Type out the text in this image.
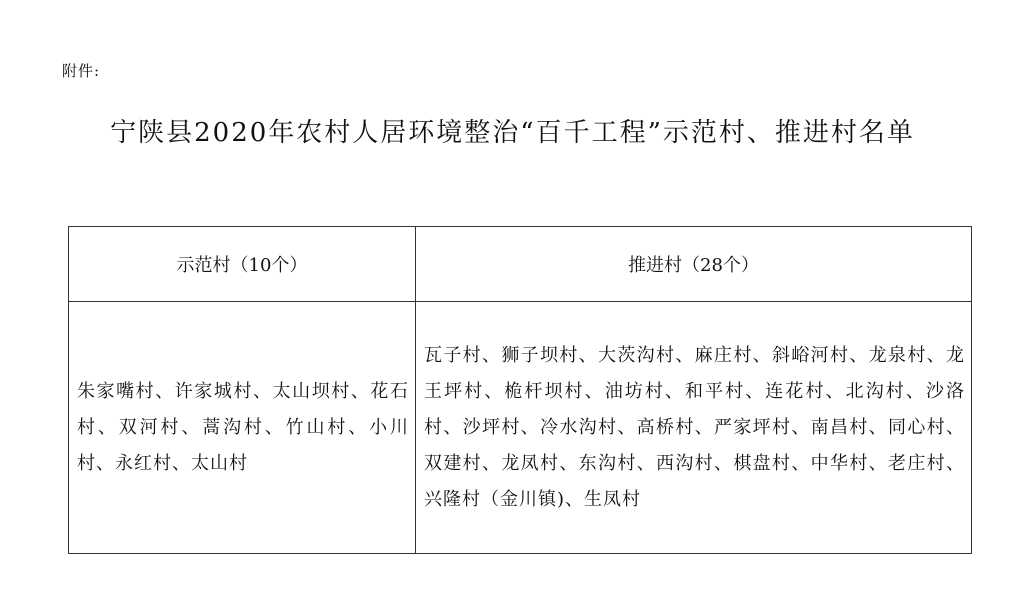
附件:
宁陕县2020年农村人居环境整治“百千工程”示范村、推进村名单
示范村（10个）	推进村（28个）
朱家嘴村、许家城村、太山坝村、花石村、双河村、蒿沟村、竹山村、小川村、永红村、太山村	瓦子村、狮子坝村、大茨沟村、麻庄村、斜峪河村、龙泉村、龙王坪村、桅杆坝村、油坊村、和平村、连花村、北沟村、沙洛村、沙坪村、冷水沟村、高桥村、严家坪村、南昌村、同心村、双建村、龙凤村、东沟村、西沟村、棋盘村、中华村、老庄村、兴隆村（金川镇)、生凤村
